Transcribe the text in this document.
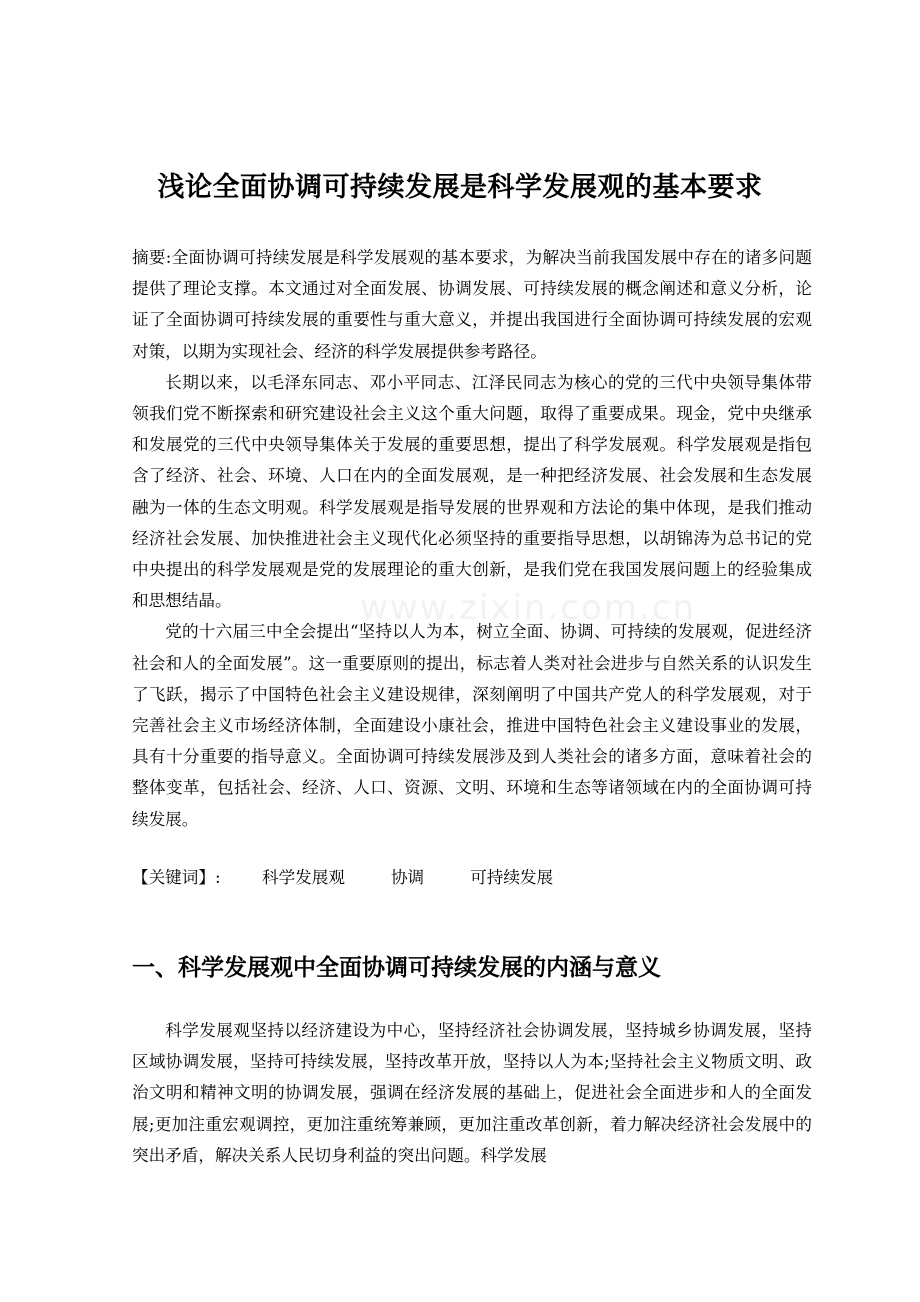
www.zixin.com.cn
浅论全面协调可持续发展是科学发展观的基本要求

摘要:全面协调可持续发展是科学发展观的基本要求，为解决当前我国发展中存在的诸多问题提供了理论支撑。本文通过对全面发展、协调发展、可持续发展的概念阐述和意义分析，论证了全面协调可持续发展的重要性与重大意义，并提出我国进行全面协调可持续发展的宏观对策，以期为实现社会、经济的科学发展提供参考路径。

长期以来，以毛泽东同志、邓小平同志、江泽民同志为核心的党的三代中央领导集体带领我们党不断探索和研究建设社会主义这个重大问题，取得了重要成果。现金，党中央继承和发展党的三代中央领导集体关于发展的重要思想，提出了科学发展观。科学发展观是指包含了经济、社会、环境、人口在内的全面发展观，是一种把经济发展、社会发展和生态发展融为一体的生态文明观。科学发展观是指导发展的世界观和方法论的集中体现，是我们推动经济社会发展、加快推进社会主义现代化必须坚持的重要指导思想，以胡锦涛为总书记的党中央提出的科学发展观是党的发展理论的重大创新，是我们党在我国发展问题上的经验集成和思想结晶。

党的十六届三中全会提出“坚持以人为本，树立全面、协调、可持续的发展观，促进经济社会和人的全面发展”。这一重要原则的提出，标志着人类对社会进步与自然关系的认识发生了飞跃，揭示了中国特色社会主义建设规律，深刻阐明了中国共产党人的科学发展观，对于完善社会主义市场经济体制，全面建设小康社会，推进中国特色社会主义建设事业的发展，具有十分重要的指导意义。全面协调可持续发展涉及到人类社会的诸多方面，意味着社会的整体变革，包括社会、经济、人口、资源、文明、环境和生态等诸领域在内的全面协调可持续发展。

【关键词】: 科学发展观	协调	可持续发展
一、科学发展观中全面协调可持续发展的内涵与意义

科学发展观坚持以经济建设为中心，坚持经济社会协调发展，坚持城乡协调发展，坚持区域协调发展，坚持可持续发展，坚持改革开放，坚持以人为本;坚持社会主义物质文明、政治文明和精神文明的协调发展，强调在经济发展的基础上，促进社会全面进步和人的全面发展;更加注重宏观调控，更加注重统筹兼顾，更加注重改革创新，着力解决经济社会发展中的突出矛盾，解决关系人民切身利益的突出问题。科学发展
